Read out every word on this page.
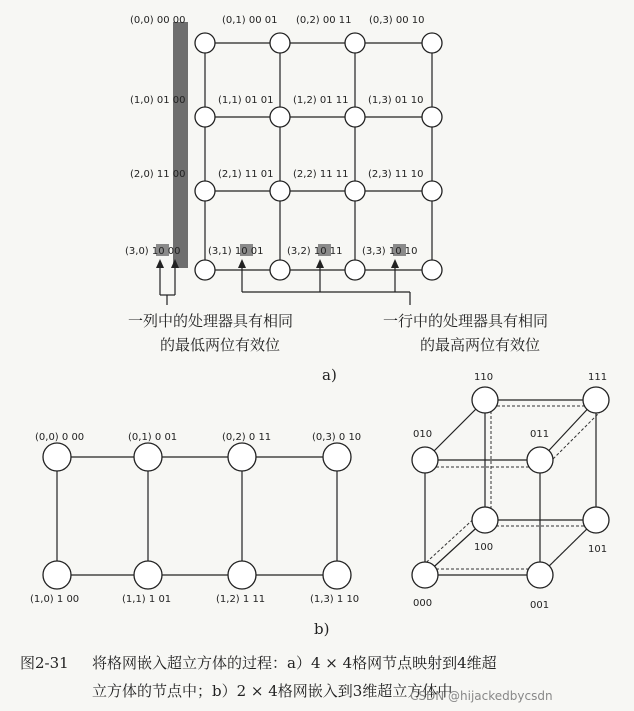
(0,0) 00 00	(0,1) 00 01 (0,2) 00 11 (0,3) 00 10
(1,0) 01 00	(1,1) 01 01 (1,2) 01 11 (1,3) 01 10
(2,0) 11 00	(2,1) 11 01 (2,2) 11 11 (2,3) 11 10
(3,0) 10 00	(3,1) 10 01 (3,2) 10 11 (3,3) 10 10
一列中的处理器具有相同
的最低两位有效位
一行中的处理器具有相同
的最高两位有效位
a)
(0,0) 0 00	(0,1) 0 01	(0,2) 0 11	(0,3) 0 10
(1,0) 1 00	(1,1) 1 01	(1,2) 1 11	(1,3) 1 10
110	111
010	011
100	101
000	001
b)
图2-31 将格网嵌入超立方体的过程：a）4 × 4格网节点映射到4维超
立方体的节点中；b）2 × 4格网嵌入到3维超立方体中
CSDN @hijackedbycsdn
